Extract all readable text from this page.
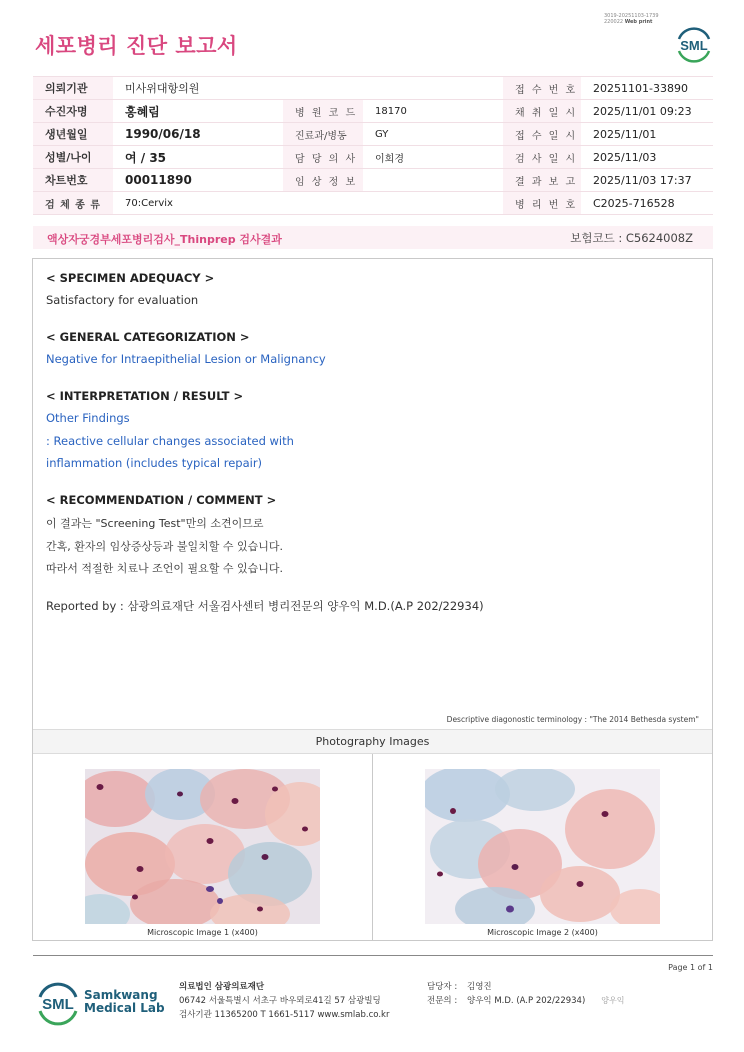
3019-20251103-1739
220022 Web print
세포병리 진단 보고서	SML
의뢰기관	미사위대항의원			접 수 번 호	20251101-33890
수진자명	홍혜림	병 원 코 드	18170	채 취 일 시	2025/11/01 09:23
생년월일	1990/06/18	진료과/병동	GY	접 수 일 시	2025/11/01
성별/나이	여 / 35	담 당 의 사	이희경	검 사 일 시	2025/11/03
차트번호	00011890	임 상 정 보		결 과 보 고	2025/11/03 17:37
검 체 종 류	70:Cervix			병 리 번 호	C2025-716528
액상자궁경부세포병리검사_Thinprep 검사결과	보험코드 : C5624008Z
< SPECIMEN ADEQUACY >
Satisfactory for evaluation
< GENERAL CATEGORIZATION >
Negative for Intraepithelial Lesion or Malignancy
< INTERPRETATION / RESULT >
Other Findings
: Reactive cellular changes associated with
inflammation (includes typical repair)
< RECOMMENDATION / COMMENT >
이 결과는 "Screening Test"만의 소견이므로
간혹, 환자의 임상증상등과 불일치할 수 있습니다.
따라서 적절한 치료나 조언이 필요할 수 있습니다.
Reported by : 삼광의료재단 서울검사센터 병리전문의 양우익 M.D.(A.P 202/22934)
Descriptive diagonostic terminology : "The 2014 Bethesda system"
Photography Images
Microscopic Image 1 (x400)	Microscopic Image 2 (x400)
Page 1 of 1
SML
Samkwang
Medical Lab
의료법인 삼광의료재단
06742 서울특별시 서초구 바우뫼로41길 57 삼광빌딩
검사기관 11365200 T 1661-5117 www.smlab.co.kr
담당자 : 김영진
전문의 : 양우익 M.D. (A.P 202/22934) 양우익
